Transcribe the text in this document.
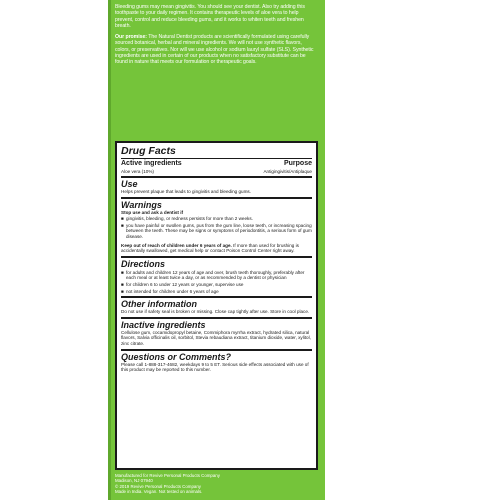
Bleeding gums may mean gingivitis. You should see your dentist. Also try adding this toothpaste to your daily regimen. It contains therapeutic levels of aloe vera to help prevent, control and reduce bleeding gums, and it works to whiten teeth and freshen breath.

Our promise: The Natural Dentist products are scientifically formulated using carefully sourced botanical, herbal and mineral ingredients. We will not use synthetic flavors, colors, or preservatives. Nor will we use alcohol or sodium lauryl sulfate (SLS). Synthetic ingredients are used in certain of our products when no satisfactory substitute can be found in nature that meets our formulation or therapeutic goals.

Drug Facts
Active ingredients	Purpose
Aloe vera (10%)	Antigingivitis/Antiplaque
Use
Helps prevent plaque that leads to gingivitis and bleeding gums.
Warnings
Stop use and ask a dentist if
■ gingivitis, bleeding, or redness persists for more than 2 weeks.
■ you have painful or swollen gums, pus from the gum line, loose teeth, or increasing spacing between the teeth. These may be signs or symptoms of periodontitis, a serious form of gum disease.
Keep out of reach of children under 6 years of age. If more than used for brushing is accidentally swallowed, get medical help or contact Poison Control Center right away.
Directions
■ for adults and children 12 years of age and over, brush teeth thoroughly, preferably after each meal or at least twice a day, or as recommended by a dentist or physician
■ for children 6 to under 12 years or younger, supervise use
■ not intended for children under 6 years of age
Other information
Do not use if safety seal is broken or missing. Close cap tightly after use. Store in cool place.
Inactive ingredients
Cellulose gum, cocamidopropyl betaine, Commiphora myrrha extract, hydrated silica, natural flavors, Salvia officinalis oil, sorbitol, Stevia rebaudiana extract, titanium dioxide, water, xylitol, zinc citrate.
Questions or Comments?
Please call 1-888-317-4682, weekdays 9 to 5 ET. Serious side effects associated with use of this product may be reported to this number.
Manufactured for Revive Personal Products Company
Madison, NJ 07940
© 2019 Revive Personal Products Company
Made in India. Vegan. Not tested on animals.
